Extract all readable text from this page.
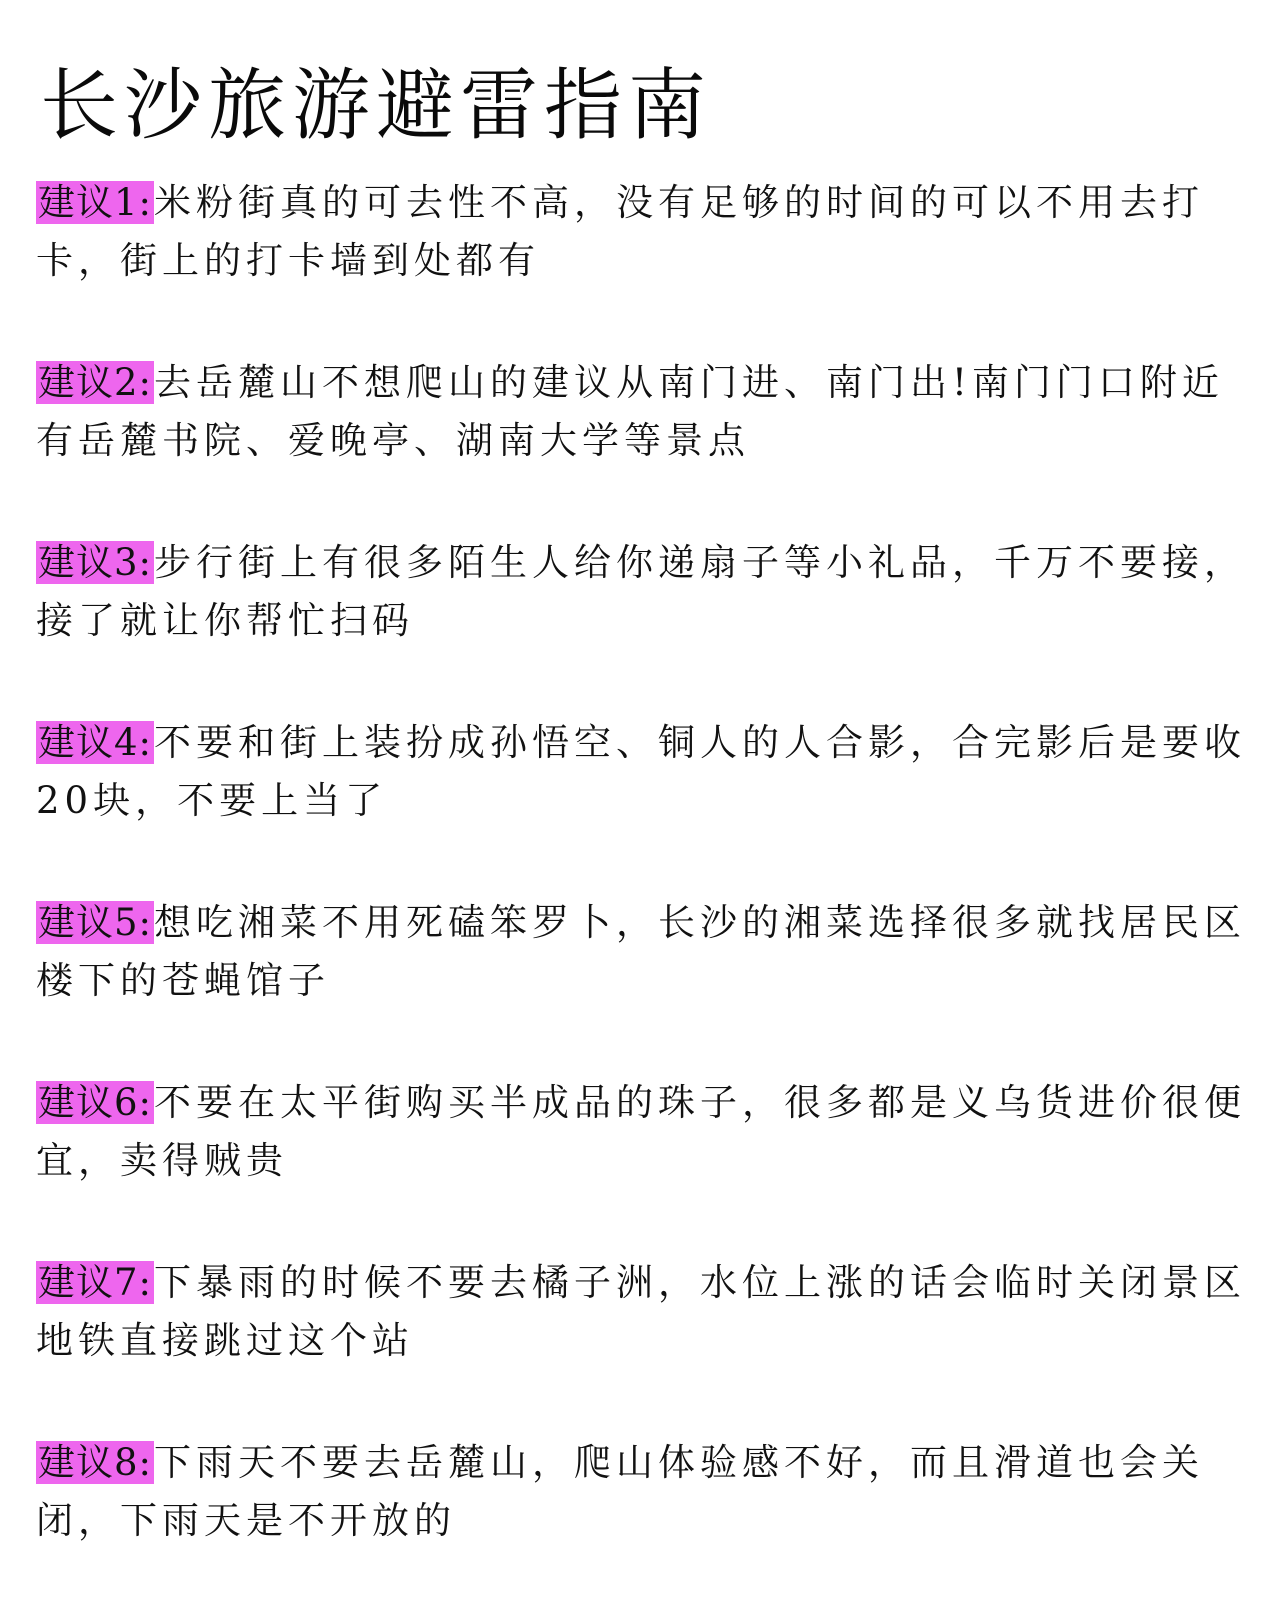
长沙旅游避雷指南
建议1:米粉街真的可去性不高，没有足够的时间的可以不用去打卡，街上的打卡墙到处都有
建议2:去岳麓山不想爬山的建议从南门进、南门出!南门门口附近有岳麓书院、爱晚亭、湖南大学等景点
建议3:步行街上有很多陌生人给你递扇子等小礼品，千万不要接，接了就让你帮忙扫码
建议4:不要和街上装扮成孙悟空、铜人的人合影，合完影后是要收20块，不要上当了
建议5:想吃湘菜不用死磕笨罗卜，长沙的湘菜选择很多就找居民区楼下的苍蝇馆子
建议6:不要在太平街购买半成品的珠子，很多都是义乌货进价很便宜，卖得贼贵
建议7:下暴雨的时候不要去橘子洲，水位上涨的话会临时关闭景区地铁直接跳过这个站
建议8:下雨天不要去岳麓山，爬山体验感不好，而且滑道也会关闭，下雨天是不开放的
